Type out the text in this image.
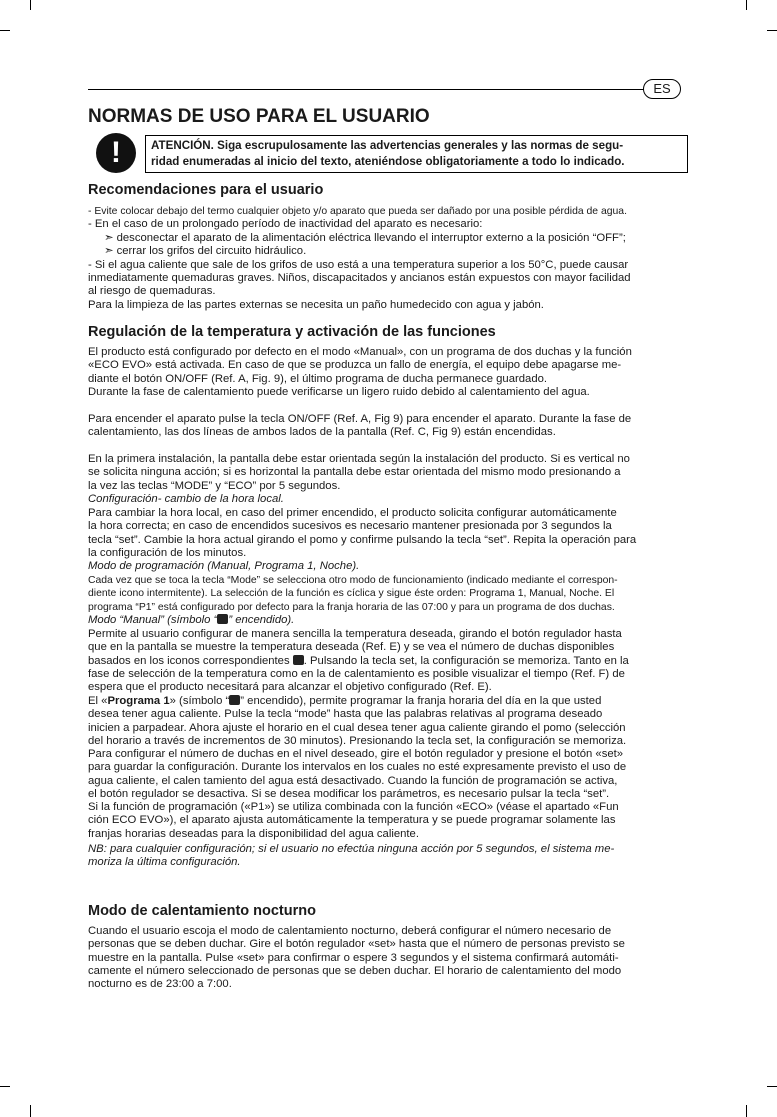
ES
NORMAS DE USO PARA EL USUARIO
!	ATENCIÓN. Siga escrupulosamente las advertencias generales y las normas de segu-
ridad enumeradas al inicio del texto, ateniéndose obligatoriamente a todo lo indicado.

Recomendaciones para el usuario

- Evite colocar debajo del termo cualquier objeto y/o aparato que pueda ser dañado por una posible pérdida de agua.

- En el caso de un prolongado período de inactividad del aparato es necesario:

➣ desconectar el aparato de la alimentación eléctrica llevando el interruptor externo a la posición “OFF”;

➣ cerrar los grifos del circuito hidráulico.

- Si el agua caliente que sale de los grifos de uso está a una temperatura superior a los 50°C, puede causar

inmediatamente quemaduras graves. Niños, discapacitados y ancianos están expuestos con mayor facilidad

al riesgo de quemaduras.

Para la limpieza de las partes externas se necesita un paño humedecido con agua y jabón.

Regulación de la temperatura y activación de las funciones

El producto está configurado por defecto en el modo «Manual», con un programa de dos duchas y la función
«ECO EVO» está activada. En caso de que se produzca un fallo de energía, el equipo debe apagarse me-
diante el botón ON/OFF (Ref. A, Fig. 9), el último programa de ducha permanece guardado.
Durante la fase de calentamiento puede verificarse un ligero ruido debido al calentamiento del agua.

Para encender el aparato pulse la tecla ON/OFF (Ref. A, Fig 9) para encender el aparato. Durante la fase de
calentamiento, las dos líneas de ambos lados de la pantalla (Ref. C, Fig 9) están encendidas.

En la primera instalación, la pantalla debe estar orientada según la instalación del producto. Si es vertical no
se solicita ninguna acción; si es horizontal la pantalla debe estar orientada del mismo modo presionando a
la vez las teclas “MODE” y “ECO” por 5 segundos.

Configuración- cambio de la hora local.

Para cambiar la hora local, en caso del primer encendido, el producto solicita configurar automáticamente
la hora correcta; en caso de encendidos sucesivos es necesario mantener presionada por 3 segundos la
tecla “set”. Cambie la hora actual girando el pomo y confirme pulsando la tecla “set”. Repita la operación para
la configuración de los minutos.

Modo de programación (Manual, Programa 1, Noche).

Cada vez que se toca la tecla “Mode” se selecciona otro modo de funcionamiento (indicado mediante el correspon-
diente icono intermitente). La selección de la función es cíclica y sigue éste orden: Programa 1, Manual, Noche. El
programa “P1” está configurado por defecto para la franja horaria de las 07:00 y para un programa de dos duchas.

Modo “Manual” (símbolo “ ” encendido).

Permite al usuario configurar de manera sencilla la temperatura deseada, girando el botón regulador hasta
que en la pantalla se muestre la temperatura deseada (Ref. E) y se vea el número de duchas disponibles
basados en los iconos correspondientes . Pulsando la tecla set, la configuración se memoriza. Tanto en la
fase de selección de la temperatura como en la de calentamiento es posible visualizar el tiempo (Ref. F) de
espera que el producto necesitará para alcanzar el objetivo configurado (Ref. E).

El «Programa 1» (símbolo “ ” encendido), permite programar la franja horaria del día en la que usted
desea tener agua caliente. Pulse la tecla “mode” hasta que las palabras relativas al programa deseado
inicien a parpadear. Ahora ajuste el horario en el cual desea tener agua caliente girando el pomo (selección
del horario a través de incrementos de 30 minutos). Presionando la tecla set, la configuración se memoriza.
Para configurar el número de duchas en el nivel deseado, gire el botón regulador y presione el botón «set»
para guardar la configuración. Durante los intervalos en los cuales no esté expresamente previsto el uso de
agua caliente, el calen tamiento del agua está desactivado. Cuando la función de programación se activa,
el botón regulador se desactiva. Si se desea modificar los parámetros, es necesario pulsar la tecla “set”.
Si la función de programación («P1») se utiliza combinada con la función «ECO» (véase el apartado «Fun
ción ECO EVO»), el aparato ajusta automáticamente la temperatura y se puede programar solamente las
franjas horarias deseadas para la disponibilidad del agua caliente.

NB: para cualquier configuración; si el usuario no efectúa ninguna acción por 5 segundos, el sistema me-
moriza la última configuración.

Modo de calentamiento nocturno

Cuando el usuario escoja el modo de calentamiento nocturno, deberá configurar el número necesario de
personas que se deben duchar. Gire el botón regulador «set» hasta que el número de personas previsto se
muestre en la pantalla. Pulse «set» para confirmar o espere 3 segundos y el sistema confirmará automáti-
camente el número seleccionado de personas que se deben duchar. El horario de calentamiento del modo
nocturno es de 23:00 a 7:00.
